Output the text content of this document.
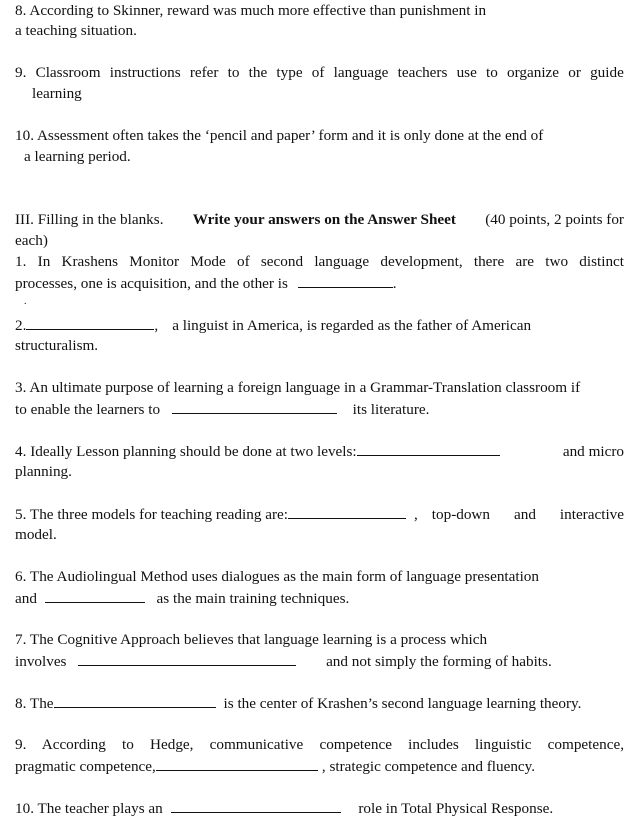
8. According to Skinner, reward was much more effective than punishment in
a teaching situation.
9. Classroom instructions refer to the type of language teachers use to organize or guide
learning
10. Assessment often takes the ‘pencil and paper’ form and it is only done at the end of
a learning period.
III. Filling in the blanks. Write your answers on the Answer Sheet (40 points, 2 points for
each)
1. In Krashens Monitor Mode of second language development, there are two distinct
processes, one is acquisition, and the other is	.
.
2.	, a linguist in America, is regarded as the father of American
structuralism.
3. An ultimate purpose of learning a foreign language in a Grammar-Translation classroom if
to enable the learners to	its literature.
4. Ideally Lesson planning should be done at two levels:	and micro
planning.
5. The three models for teaching reading are:	, top-down and interactive
model.
6. The Audiolingual Method uses dialogues as the main form of language presentation
and	as the main training techniques.
7. The Cognitive Approach believes that language learning is a process which
involves	and not simply the forming of habits.
8. The	is the center of Krashen’s second language learning theory.
9. According to Hedge, communicative competence includes linguistic competence,
pragmatic competence,	, strategic competence and fluency.
10. The teacher plays an	role in Total Physical Response.
